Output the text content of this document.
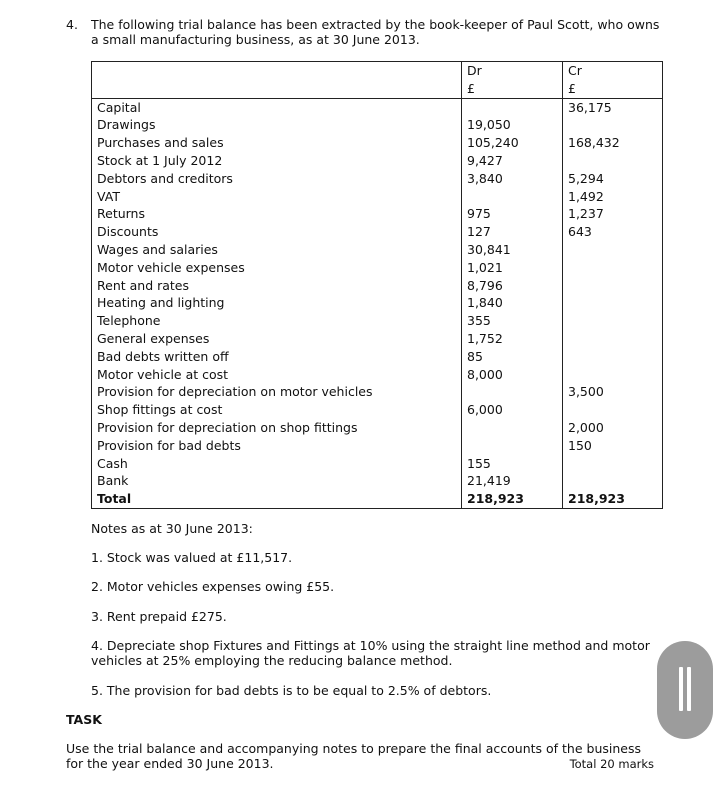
4. The following trial balance has been extracted by the book-keeper of Paul Scott, who owns a small manufacturing business, as at 30 June 2013.
	Dr	Cr
	£	£
Capital		36,175
Drawings	19,050	
Purchases and sales	105,240	168,432
Stock at 1 July 2012	9,427	
Debtors and creditors	3,840	5,294
VAT		1,492
Returns	975	1,237
Discounts	127	643
Wages and salaries	30,841	
Motor vehicle expenses	1,021	
Rent and rates	8,796	
Heating and lighting	1,840	
Telephone	355	
General expenses	1,752	
Bad debts written off	85	
Motor vehicle at cost	8,000	
Provision for depreciation on motor vehicles		3,500
Shop fittings at cost	6,000	
Provision for depreciation on shop fittings		2,000
Provision for bad debts		150
Cash	155	
Bank	21,419	
Total	218,923	218,923
Notes as at 30 June 2013:
1. Stock was valued at £11,517.
2. Motor vehicles expenses owing £55.
3. Rent prepaid £275.
4. Depreciate shop Fixtures and Fittings at 10% using the straight line method and motor vehicles at 25% employing the reducing balance method.
5. The provision for bad debts is to be equal to 2.5% of debtors.
TASK
Use the trial balance and accompanying notes to prepare the final accounts of the business for the year ended 30 June 2013.	Total 20 marks
